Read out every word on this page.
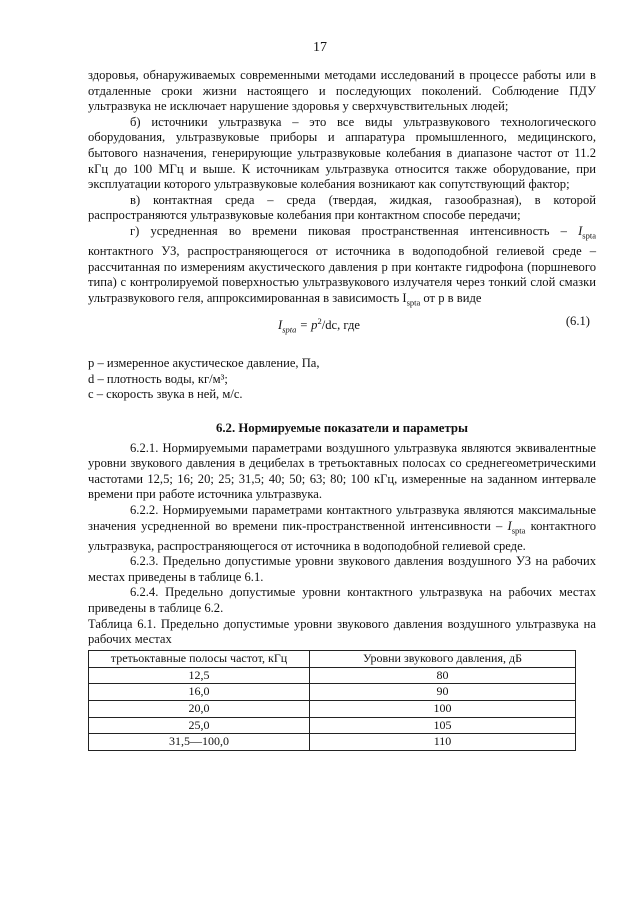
17

здоровья, обнаруживаемых современными методами исследований в процессе работы или в отдаленные сроки жизни настоящего и последующих поколений. Соблюдение ПДУ ультразвука не исключает нарушение здоровья у сверхчувствительных людей;

б) источники ультразвука – это все виды ультразвукового технологического оборудования, ультразвуковые приборы и аппаратура промышленного, медицинского, бытового назначения, генерирующие ультразвуковые колебания в диапазоне частот от 11.2 кГц до 100 МГц и выше. К источникам ультразвука относится также оборудование, при эксплуатации которого ультразвуковые колебания возникают как сопутствующий фактор;

в) контактная среда – среда (твердая, жидкая, газообразная), в которой распространяются ультразвуковые колебания при контактном способе передачи;

г) усредненная во времени пиковая пространственная интенсивность – $I_{spta}$ контактного УЗ, распространяющегося от источника в водоподобной гелиевой среде – рассчитанная по измерениям акустического давления р при контакте гидрофона (поршневого типа) с контролируемой поверхностью ультразвукового излучателя через тонкий слой смазки ультразвукового геля, аппроксимированная в зависимость $I_{spta}$ от р в виде

$I_{spta} = p^2/dc$, где	(6.1)

р – измеренное акустическое давление, Па,

d – плотность воды, кг/м³;

с – скорость звука в ней, м/с.

6.2. Нормируемые показатели и параметры

6.2.1. Нормируемыми параметрами воздушного ультразвука являются эквивалентные уровни звукового давления в децибелах в третьоктавных полосах со среднегеометрическими частотами 12,5; 16; 20; 25; 31,5; 40; 50; 63; 80; 100 кГц, измеренные на заданном интервале времени при работе источника ультразвука.

6.2.2. Нормируемыми параметрами контактного ультразвука являются максимальные значения усредненной во времени пик-пространственной интенсивности – $I_{spta}$ контактного ультразвука, распространяющегося от источника в водоподобной гелиевой среде.

6.2.3. Предельно допустимые уровни звукового давления воздушного УЗ на рабочих местах приведены в таблице 6.1.

6.2.4. Предельно допустимые уровни контактного ультразвука на рабочих местах приведены в таблице 6.2.

Таблица 6.1. Предельно допустимые уровни звукового давления воздушного ультразвука на рабочих местах

третьоктавные полосы частот, кГц	Уровни звукового давления, дБ
12,5	80
16,0	90
20,0	100
25,0	105
31,5—100,0	110
